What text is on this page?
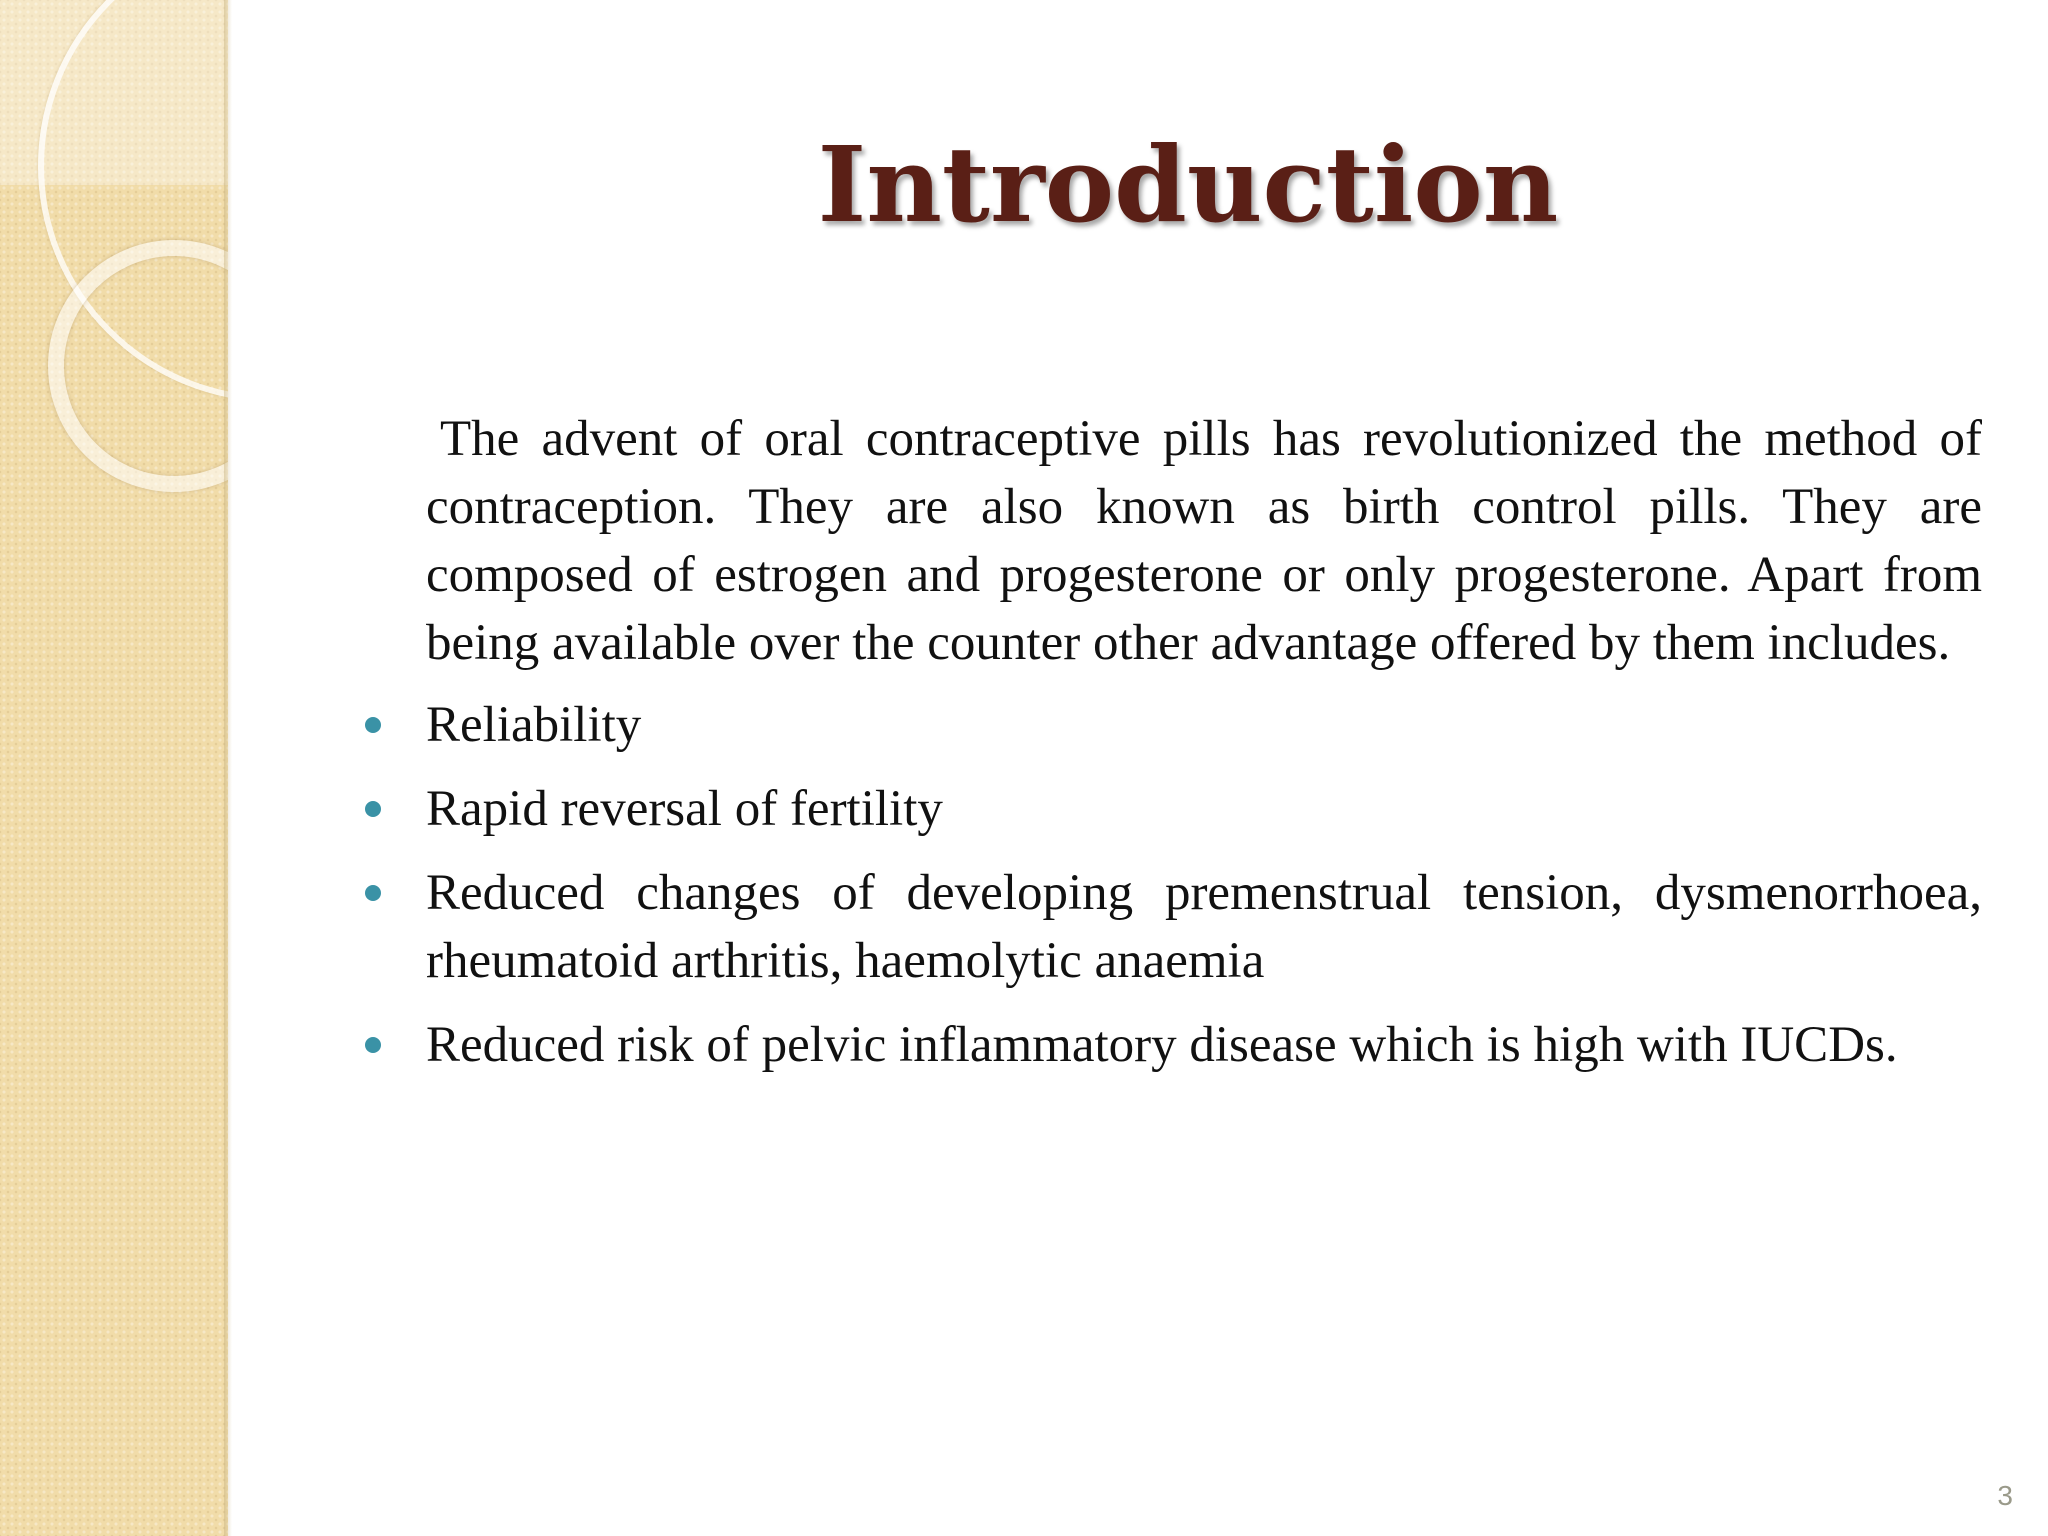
Introduction

The advent of oral contraceptive pills has revolutionized the method of contraception. They are also known as birth control pills. They are composed of estrogen and progesterone or only progesterone. Apart from being available over the counter other advantage offered by them includes.

Reliability
Rapid reversal of fertility
Reduced changes of developing premenstrual tension, dysmenorrhoea, rheumatoid arthritis, haemolytic anaemia
Reduced risk of pelvic inflammatory disease which is high with IUCDs.
3
